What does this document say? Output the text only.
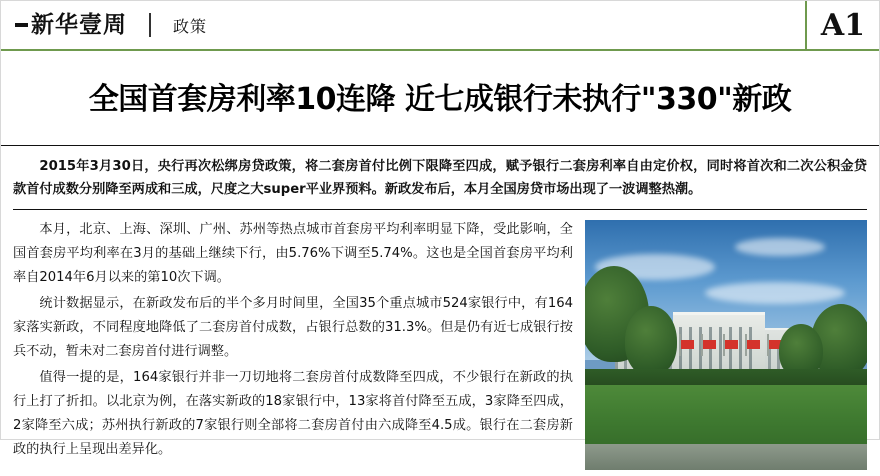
新华壹周	政策	A1
全国首套房利率10连降 近七成银行未执行"330"新政
2015年3月30日，央行再次松绑房贷政策，将二套房首付比例下限降至四成，赋予银行二套房利率自由定价权，同时将首次和二次公积金贷款首付成数分别降至两成和三成，尺度之大super平业界预料。新政发布后，本月全国房贷市场出现了一波调整热潮。

本月，北京、上海、深圳、广州、苏州等热点城市首套房平均利率明显下降，受此影响，全国首套房平均利率在3月的基础上继续下行，由5.76%下调至5.74%。这也是全国首套房平均利率自2014年6月以来的第10次下调。

统计数据显示，在新政发布后的半个多月时间里，全国35个重点城市524家银行中，有164家落实新政，不同程度地降低了二套房首付成数，占银行总数的31.3%。但是仍有近七成银行按兵不动，暂未对二套房首付进行调整。

值得一提的是，164家银行并非一刀切地将二套房首付成数降至四成，不少银行在新政的执行上打了折扣。以北京为例，在落实新政的18家银行中，13家将首付降至五成，3家降至四成，2家降至六成；苏州执行新政的7家银行则全部将二套房首付由六成降至4.5成。银行在二套房新政的执行上呈现出差异化。
